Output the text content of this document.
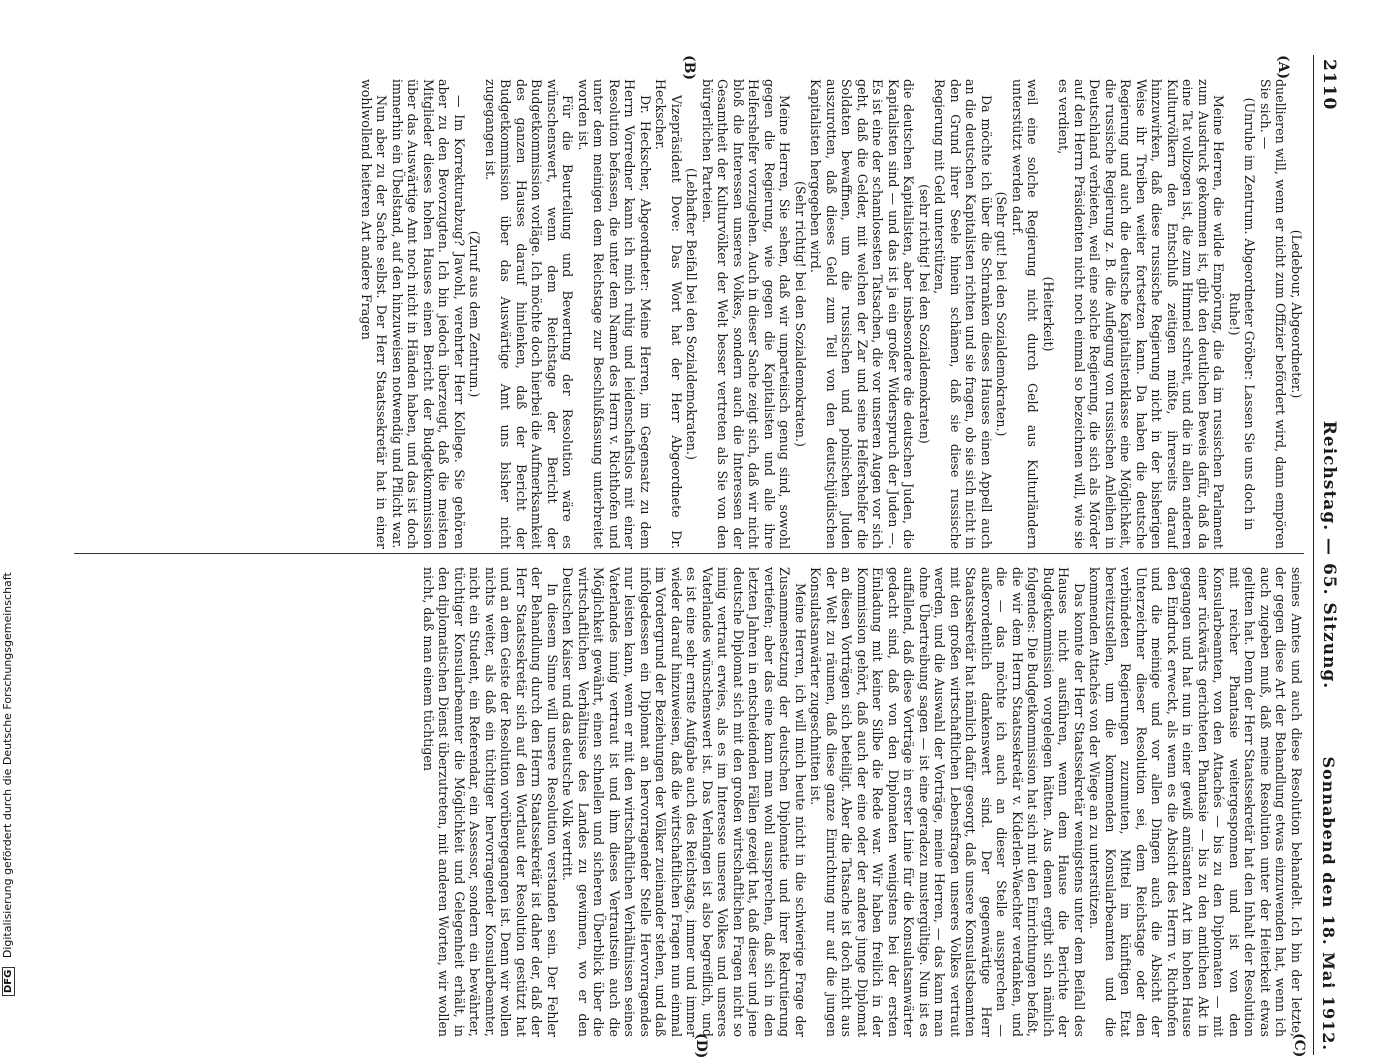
2110
Reichstag. — 65. Sitzung.
Sonnabend den 18. Mai 1912.
(A)
(B)
(C)
(D)

(Ledebour, Abgeordneter.)

duellieren will, wenn er nicht zum Offizier befördert wird, dann empören Sie sich. —

(Unruhe im Zentrum. Abgeordneter Gröber: Lassen Sie uns doch in Ruhe!)

Meine Herren, die wilde Empörung, die da im russischen Parlament zum Ausdruck gekommen ist, gibt den deutlichen Beweis dafür, daß da eine Tat vollzogen ist, die zum Himmel schreit, und die in allen anderen Kulturvölkern den Entschluß zeitigen müßte, ihrerseits darauf hinzuwirken, daß diese russische Regierung nicht in der bisherigen Weise ihr Treiben weiter fortsetzen kann. Da haben die deutsche Regierung und auch die deutsche Kapitalistenklasse eine Möglichkeit, die russische Regierung z. B. die Auflegung von russischen Anleihen in Deutschland verbieten, weil eine solche Regierung, die sich als Mörder auf den Herrn Präsidenten nicht noch einmal so bezeichnen will, wie sie es verdient,

(Heiterkeit)

weil eine solche Regierung nicht durch Geld aus Kulturländern unterstützt werden darf.

(Sehr gut! bei den Sozialdemokraten.)

Da möchte ich über die Schranken dieses Hauses einen Appell auch an die deutschen Kapitalisten richten und sie fragen, ob sie sich nicht in den Grund ihrer Seele hinein schämen, daß sie diese russische Regierung mit Geld unterstützen,

(sehr richtig! bei den Sozialdemokraten)

die deutschen Kapitalisten, aber insbesondere die deutschen Juden, die Kapitalisten sind — und das ist ja ein großer Widerspruch der Juden —. Es ist eine der schamlosesten Tatsachen, die vor unseren Augen vor sich geht, daß die Gelder, mit welchen der Zar und seine Helfershelfer die Soldaten bewaffnen, um die russischen und polnischen Juden auszurotten, daß dieses Geld zum Teil von den deutschjüdischen Kapitalisten hergegeben wird.

(Sehr richtig! bei den Sozialdemokraten.)

Meine Herren, Sie sehen, daß wir unparteiisch genug sind, sowohl gegen die Regierung, wie gegen die Kapitalisten und alle ihre Helfershelfer vorzugehen. Auch in dieser Sache zeigt sich, daß wir nicht bloß die Interessen unseres Volkes, sondern auch die Interessen der Gesamtheit der Kulturvölker der Welt besser vertreten als Sie von den bürgerlichen Parteien.

(Lebhafter Beifall bei den Sozialdemokraten.)

Vizepräsident Dove: Das Wort hat der Herr Abgeordnete Dr. Heckscher.

Dr. Heckscher, Abgeordneter: Meine Herren, im Gegensatz zu dem Herrn Vorredner kann ich mich ruhig und leidenschaftslos mit einer Resolution befassen, die unter dem Namen des Herrn v. Richthofen und unter dem meinigen dem Reichstage zur Beschlußfassung unterbreitet worden ist.

Für die Beurteilung und Bewertung der Resolution wäre es wünschenswert, wenn dem Reichstage der Bericht der Budgetkommission vorläge. Ich möchte doch hierbei die Aufmerksamkeit des ganzen Hauses darauf hinlenken, daß der Bericht der Budgetkommission über das Auswärtige Amt uns bisher nicht zugegangen ist.

(Zuruf aus dem Zentrum.)

— Im Korrekturabzug? Jawohl, verehrter Herr Kollege. Sie gehören aber zu den Bevorzugten. Ich bin jedoch überzeugt, daß die meisten Mitglieder dieses hohen Hauses einen Bericht der Budgetkommission über das Auswärtige Amt noch nicht in Händen haben, und das ist doch immerhin ein Übelstand, auf den hinzuweisen notwendig und Pflicht war.

Nun aber zu der Sache selbst. Der Herr Staatssekretär hat in einer wohlwollend heiteren Art andere Fragen

seines Amtes und auch diese Resolution behandelt. Ich bin der letzte, der gegen diese Art der Behandlung etwas einzuwenden hat, wenn ich auch zugeben muß, daß meine Resolution unter der Heiterkeit etwas gelitten hat. Denn der Herr Staatssekretär hat den Inhalt der Resolution mit reicher Phantasie weitergesponnen und ist von den Konsularbeamten, von den Attachés — bis zu den Diplomaten — mit einer rückwärts gerichteten Phantasie — bis zu den amtlichen Akt in gegangen und hat nun in einer gewiß amüsanten Art im hohen Hause den Eindruck erweckt, als wenn es die Absicht des Herrn v. Richthofen und die meinige und vor allen Dingen auch die Absicht der Unterzeichner dieser Resolution sei, dem Reichstage oder den verbündeten Regierungen zuzumuten, Mittel im künftigen Etat bereitzustellen, um die kommenden Konsularbeamten und die kommenden Attachés von der Wiege an zu unterstützen.

Das konnte der Herr Staatssekretär wenigstens unter dem Beifall des Hauses nicht ausführen, wenn dem Hause die Berichte der Budgetkommission vorgelegen hätten. Aus denen ergibt sich nämlich folgendes: Die Budgetkommission hat sich mit den Einrichtungen befaßt, die wir dem Herrn Staatssekretär v. Kiderlen-Waechter verdanken, und die — das möchte ich auch an dieser Stelle aussprechen — außerordentlich dankenswert sind. Der gegenwärtige Herr Staatssekretär hat nämlich dafür gesorgt, daß unsere Konsulatsbeamten mit den großen wirtschaftlichen Lebensfragen unseres Volkes vertraut werden, und die Auswahl der Vorträge, meine Herren, — das kann man ohne Übertreibung sagen — ist eine geradezu mustergültige. Nun ist es auffallend, daß diese Vorträge in erster Linie für die Konsulatsanwärter gedacht sind, daß von den Diplomaten wenigstens bei der ersten Einladung mit keiner Silbe die Rede war. Wir haben freilich in der Kommission gehört, daß auch der eine oder der andere junge Diplomat an diesen Vorträgen sich beteiligt. Aber die Tatsache ist doch nicht aus der Welt zu räumen, daß diese ganze Einrichtung nur auf die jungen Konsulatsanwärter zugeschnitten ist.

Meine Herren, ich will mich heute nicht in die schwierige Frage der Zusammensetzung der deutschen Diplomatie und ihrer Rekrutierung vertiefen; aber das eine kann man wohl aussprechen, daß sich in den letzten Jahren in entscheidenden Fällen gezeigt hat, daß dieser und jene deutsche Diplomat sich mit den großen wirtschaftlichen Fragen nicht so innig vertraut erwies, als es im Interesse unseres Volkes und unseres Vaterlandes wünschenswert ist. Das Verlangen ist also begreiflich, und es ist eine sehr ernste Aufgabe auch des Reichstags, immer und immer wieder darauf hinzuweisen, daß die wirtschaftlichen Fragen nun einmal im Vordergrund der Beziehungen der Völker zueinander stehen, und daß infolgedessen ein Diplomat an hervorragender Stelle Hervorragendes nur leisten kann, wenn er mit den wirtschaftlichen Verhältnissen seines Vaterlandes innig vertraut ist und ihm dieses Vertrautsein auch die Möglichkeit gewährt, einen schnellen und sicheren Überblick über die wirtschaftlichen Verhältnisse des Landes zu gewinnen, wo er den Deutschen Kaiser und das deutsche Volk vertritt.

In diesem Sinne will unsere Resolution verstanden sein. Der Fehler der Behandlung durch den Herrn Staatssekretär ist daher der, daß der Herr Staatssekretär sich auf den Wortlaut der Resolution gestützt hat und an dem Geiste der Resolution vorübergegangen ist. Denn wir wollen nichts weiter, als daß ein tüchtiger hervorragender Konsularbeamter, nicht ein Student, ein Referendar, ein Assessor, sondern ein bewährter, tüchtiger Konsularbeamter die Möglichkeit und Gelegenheit erhält, in den diplomatischen Dienst überzutreten, mit anderen Worten, wir wollen nicht, daß man einem tüchtigen

DFG Digitalisierung gefördert durch die Deutsche Forschungsgemeinschaft
